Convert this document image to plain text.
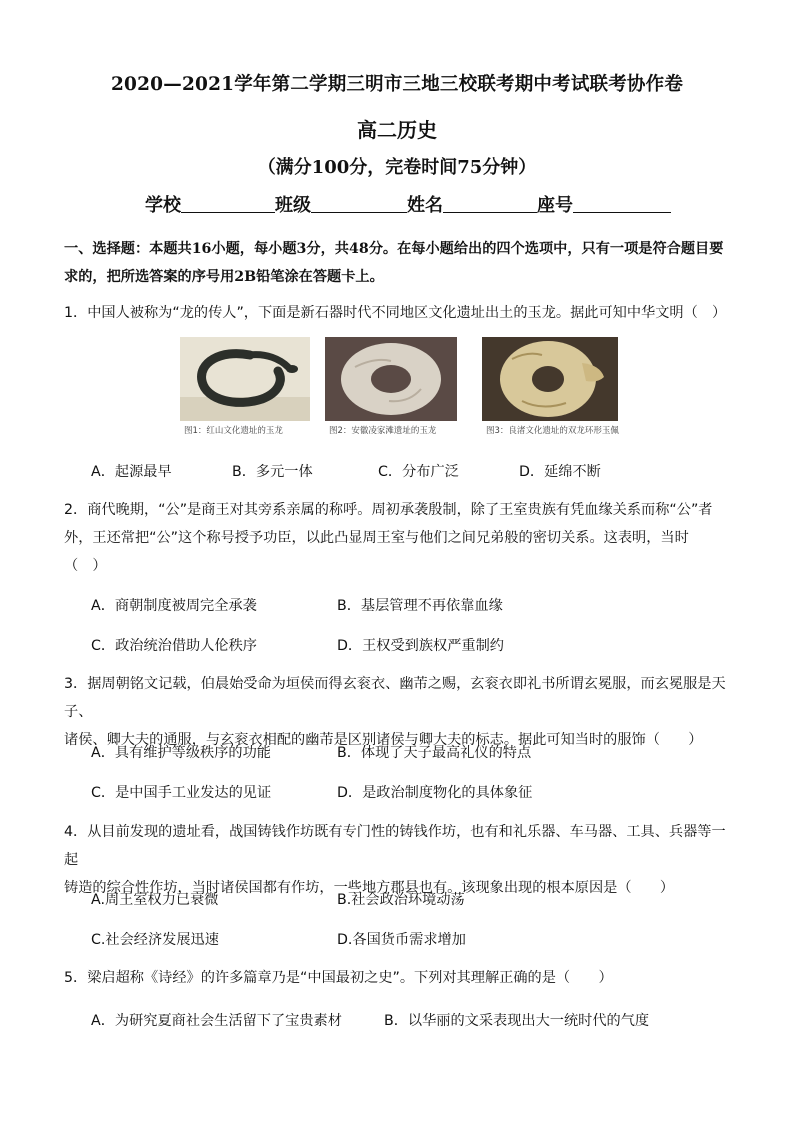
2020—2021学年第二学期三明市三地三校联考期中考试联考协作卷
高二历史
（满分100分，完卷时间75分钟）
学校	班级	姓名	座号
一、选择题：本题共16小题，每小题3分，共48分。在每小题给出的四个选项中，只有一项是符合题目要
求的，把所选答案的序号用2B铅笔涂在答题卡上。
1．中国人被称为“龙的传人”，下面是新石器时代不同地区文化遗址出土的玉龙。据此可知中华文明（　）
图1：红山文化遗址的玉龙	图2：安徽凌家滩遗址的玉龙	图3：良渚文化遗址的双龙环形玉佩
A．起源最早	B．多元一体	C．分布广泛	D．延绵不断
2．商代晚期，“公”是商王对其旁系亲属的称呼。周初承袭殷制，除了王室贵族有凭血缘关系而称“公”者
外，王还常把“公”这个称号授予功臣，以此凸显周王室与他们之间兄弟般的密切关系。这表明，当时
（　）
A．商朝制度被周完全承袭	B．基层管理不再依靠血缘
C．政治统治借助人伦秩序	D．王权受到族权严重制约
3．据周朝铭文记载，伯晨始受命为垣侯而得玄衮衣、幽芾之赐，玄衮衣即礼书所谓玄冕服，而玄冕服是天子、
诸侯、卿大夫的通服，与玄衮衣相配的幽芾是区别诸侯与卿大夫的标志。据此可知当时的服饰（　　）
A．具有维护等级秩序的功能	B．体现了天子最高礼仪的特点
C．是中国手工业发达的见证	D．是政治制度物化的具体象征
4．从目前发现的遗址看，战国铸钱作坊既有专门性的铸钱作坊，也有和礼乐器、车马器、工具、兵器等一起
铸造的综合性作坊，当时诸侯国都有作坊，一些地方郡县也有。该现象出现的根本原因是（　　）
A.周王室权力已衰微	B.社会政治环境动荡
C.社会经济发展迅速	D.各国货币需求增加
5．梁启超称《诗经》的许多篇章乃是“中国最初之史”。下列对其理解正确的是（　　）
A．为研究夏商社会生活留下了宝贵素材	B．以华丽的文采表现出大一统时代的气度
